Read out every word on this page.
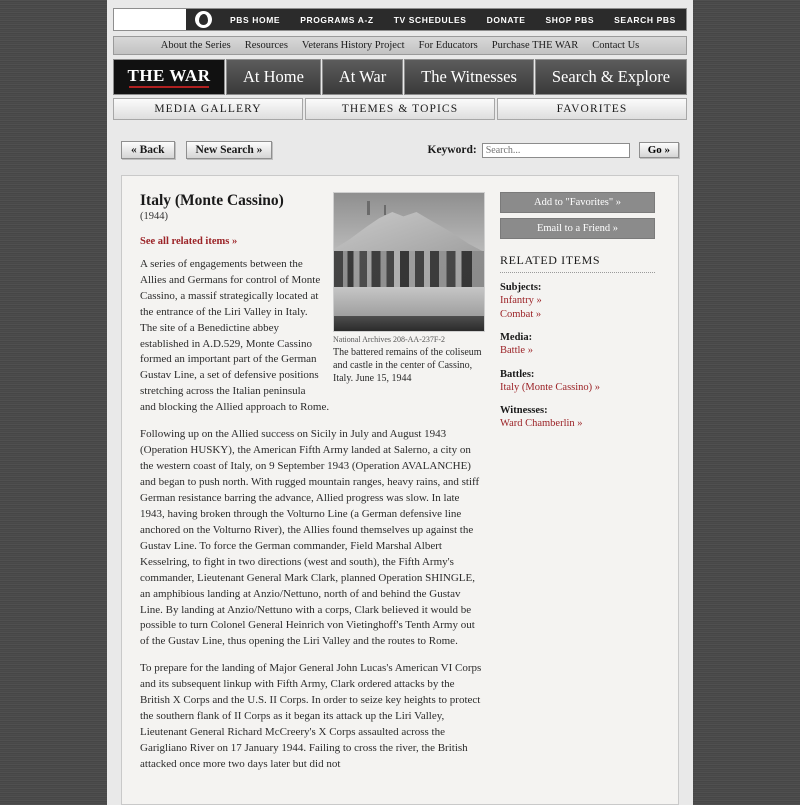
PBS HOME	PROGRAMS A-Z	TV SCHEDULES	DONATE	SHOP PBS	SEARCH PBS
About the Series Resources Veterans History Project For Educators Purchase THE WAR Contact Us
THE WAR At Home At War The Witnesses Search & Explore
MEDIA GALLERY	THEMES & TOPICS	FAVORITES
« Back	New Search »	Keyword:
Search...	Go »
National Archives 208-AA-237F-2
The battered remains of the coliseum and castle in the center of Cassino, Italy. June 15, 1944
Italy (Monte Cassino)
(1944)
See all related items »

A series of engagements between the Allies and Germans for control of Monte Cassino, a massif strategically located at the entrance of the Liri Valley in Italy. The site of a Benedictine abbey established in A.D.529, Monte Cassino formed an important part of the German Gustav Line, a set of defensive positions stretching across the Italian peninsula and blocking the Allied approach to Rome.

Following up on the Allied success on Sicily in July and August 1943 (Operation HUSKY), the American Fifth Army landed at Salerno, a city on the western coast of Italy, on 9 September 1943 (Operation AVALANCHE) and began to push north. With rugged mountain ranges, heavy rains, and stiff German resistance barring the advance, Allied progress was slow. In late 1943, having broken through the Volturno Line (a German defensive line anchored on the Volturno River), the Allies found themselves up against the Gustav Line. To force the German commander, Field Marshal Albert Kesselring, to fight in two directions (west and south), the Fifth Army's commander, Lieutenant General Mark Clark, planned Operation SHINGLE, an amphibious landing at Anzio/Nettuno, north of and behind the Gustav Line. By landing at Anzio/Nettuno with a corps, Clark believed it would be possible to turn Colonel General Heinrich von Vietinghoff's Tenth Army out of the Gustav Line, thus opening the Liri Valley and the routes to Rome.

To prepare for the landing of Major General John Lucas's American VI Corps and its subsequent linkup with Fifth Army, Clark ordered attacks by the British X Corps and the U.S. II Corps. In order to seize key heights to protect the southern flank of II Corps as it began its attack up the Liri Valley, Lieutenant General Richard McCreery's X Corps assaulted across the Garigliano River on 17 January 1944. Failing to cross the river, the British attacked once more two days later but did not

Add to "Favorites" »
Email to a Friend »
RELATED ITEMS
Subjects:
Infantry »
Combat »
Media:
Battle »
Battles:
Italy (Monte Cassino) »
Witnesses:
Ward Chamberlin »
